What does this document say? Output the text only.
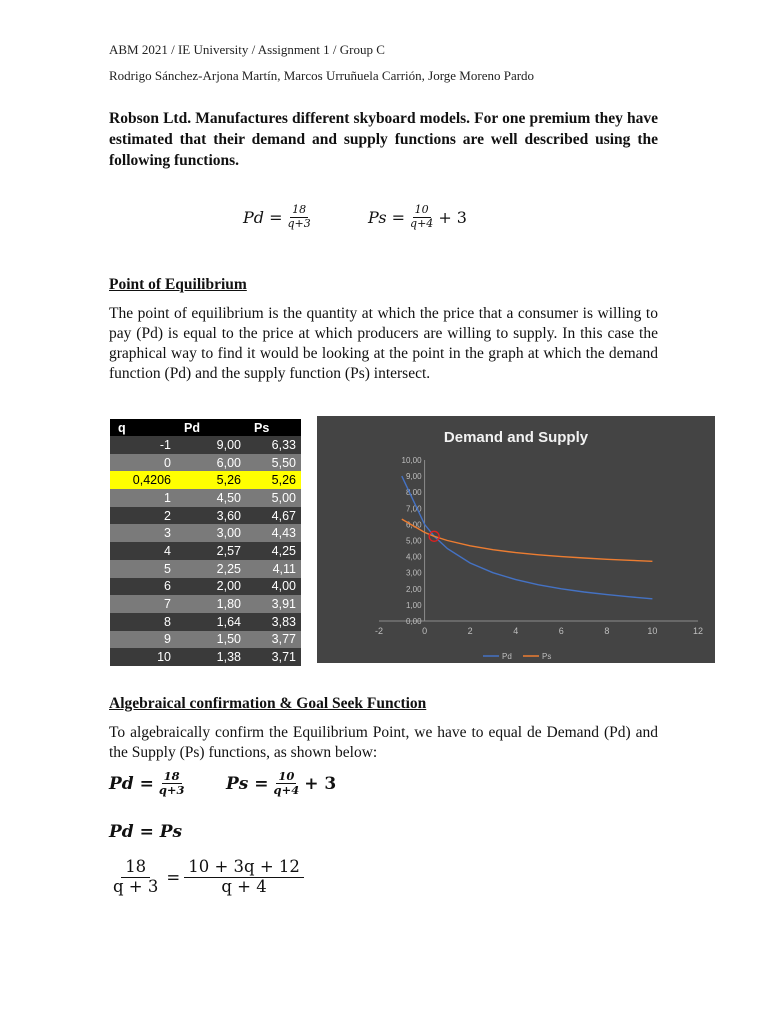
ABM 2021 / IE University / Assignment 1 / Group C
Rodrigo Sánchez-Arjona Martín, Marcos Urruñuela Carrión, Jorge Moreno Pardo
Robson Ltd. Manufactures different skyboard models. For one premium they have estimated that their demand and supply functions are well described using the following functions.
$Pd = \frac{18}{q+3}$	$Ps = \frac{10}{q+4} + 3$
Point of Equilibrium
The point of equilibrium is the quantity at which the price that a consumer is willing to pay (Pd) is equal to the price at which producers are willing to supply. In this case the graphical way to find it would be looking at the point in the graph at which the demand function (Pd) and the supply function (Ps) intersect.
q	Pd	Ps
-1	9,00	6,33
0	6,00	5,50
0,4206	5,26	5,26
1	4,50	5,00
2	3,60	4,67
3	3,00	4,43
4	2,57	4,25
5	2,25	4,11
6	2,00	4,00
7	1,80	3,91
8	1,64	3,83
9	1,50	3,77
10	1,38	3,71
Demand and Supply
0,00
1,00
2,00
3,00
4,00
5,00
6,00
7,00
8,00
9,00
10,00
-2	0	2	4	6	8	10	12
Pd	Ps
Algebraical confirmation & Goal Seek Function
To algebraically confirm the Equilibrium Point, we have to equal de Demand (Pd) and the Supply (Ps) functions, as shown below:
$Pd = \frac{18}{q+3}$ $Ps = \frac{10}{q+4} + 3$
Pd = Ps
$\frac{18}{q + 3} = \frac{10 + 3q + 12}{q + 4}$
